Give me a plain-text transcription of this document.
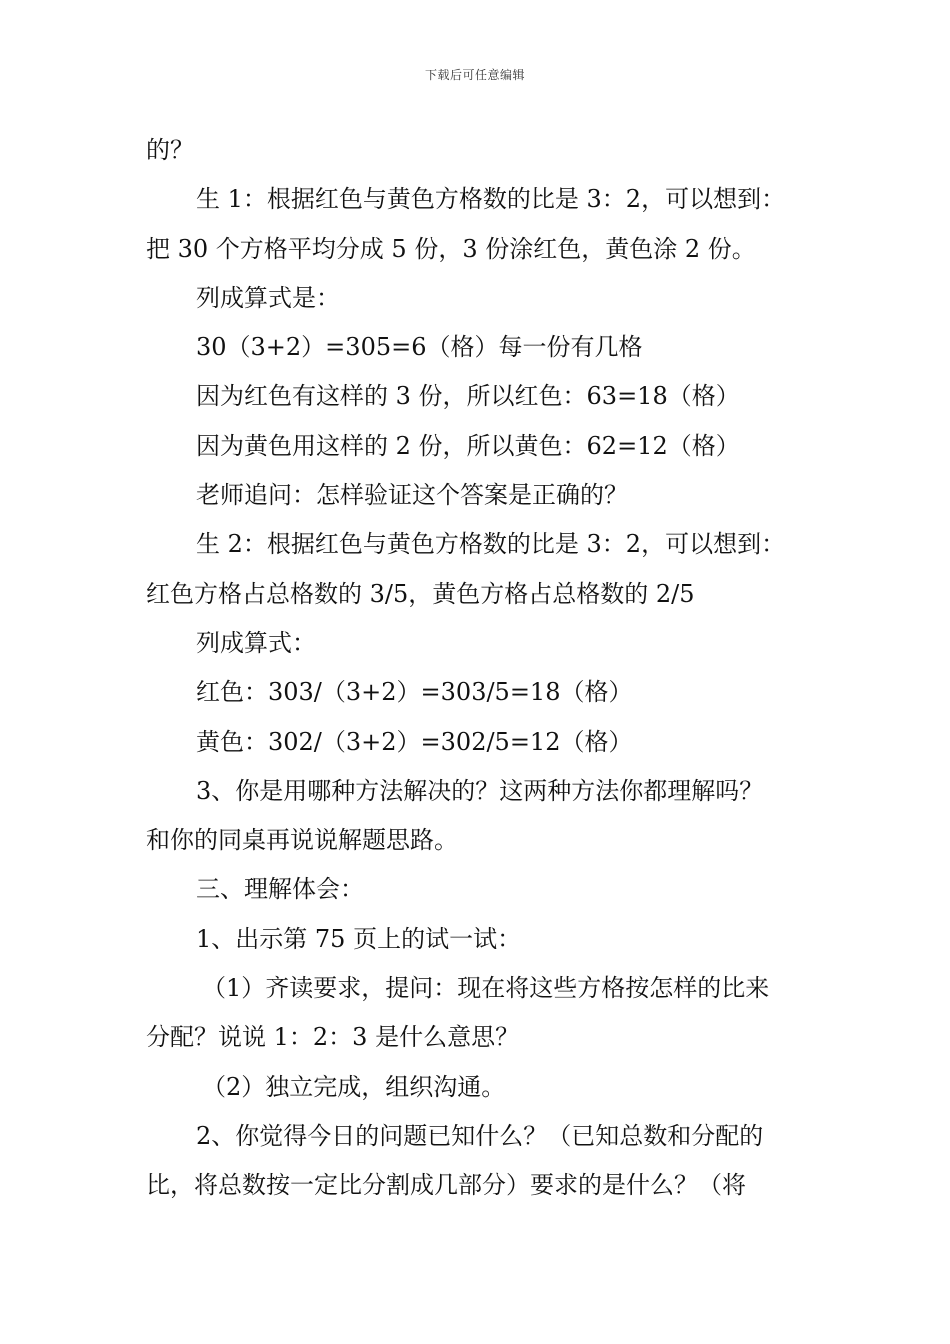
下载后可任意编辑

的？

生 1：根据红色与黄色方格数的比是 3：2，可以想到：

把 30 个方格平均分成 5 份，3 份涂红色，黄色涂 2 份。

列成算式是：

30（3+2）=305=6（格）每一份有几格

因为红色有这样的 3 份，所以红色：63=18（格）

因为黄色用这样的 2 份，所以黄色：62=12（格）

老师追问：怎样验证这个答案是正确的？

生 2：根据红色与黄色方格数的比是 3：2，可以想到：

红色方格占总格数的 3/5，黄色方格占总格数的 2/5

列成算式：

红色：303/（3+2）=303/5=18（格）

黄色：302/（3+2）=302/5=12（格）

3、你是用哪种方法解决的？这两种方法你都理解吗？

和你的同桌再说说解题思路。

三、理解体会：

1、出示第 75 页上的试一试：

（1）齐读要求，提问：现在将这些方格按怎样的比来

分配？说说 1：2：3 是什么意思？

（2）独立完成，组织沟通。

2、你觉得今日的问题已知什么？（已知总数和分配的

比，将总数按一定比分割成几部分）要求的是什么？（将
